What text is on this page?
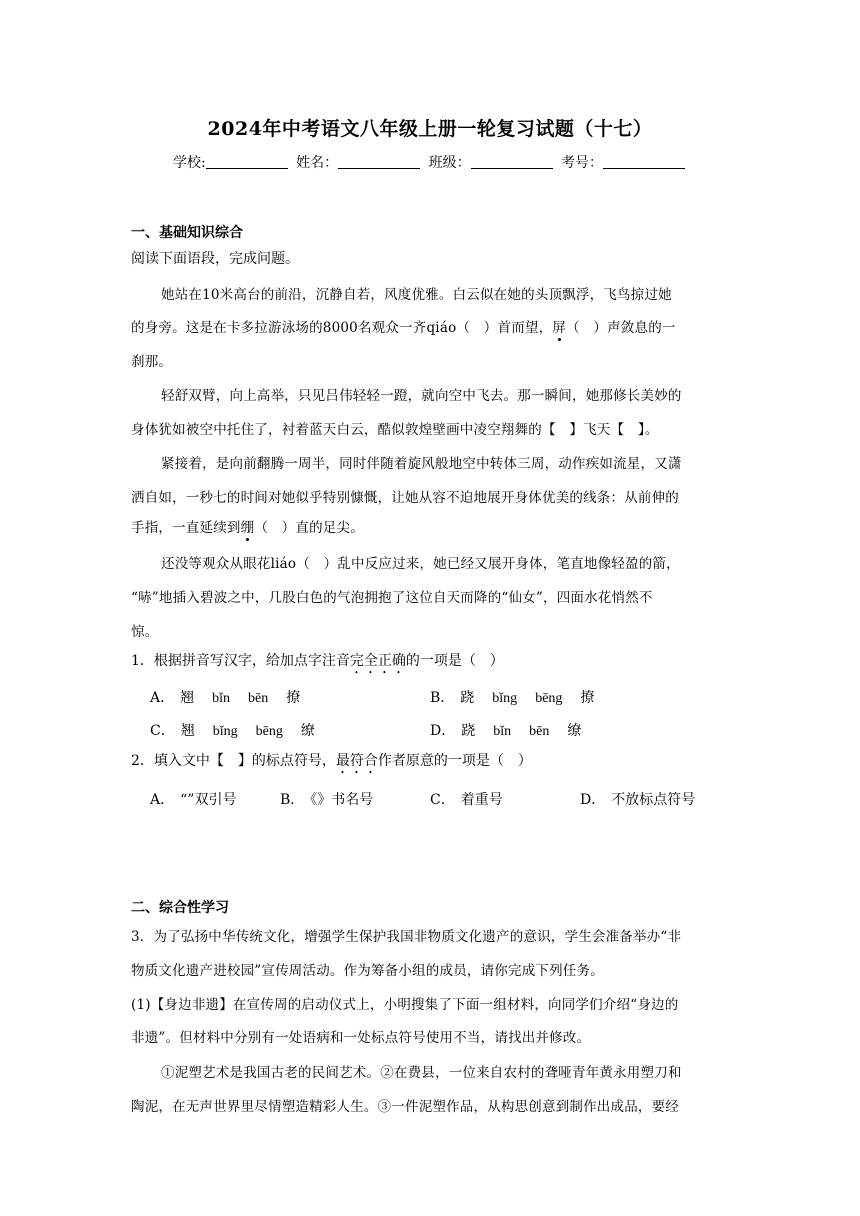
2024年中考语文八年级上册一轮复习试题（十七）
学校:	姓名：	班级：	考号：
一、基础知识综合
阅读下面语段，完成问题。
她站在10米高台的前沿，沉静自若，风度优雅。白云似在她的头顶飘浮，飞鸟掠过她
的身旁。这是在卡多拉游泳场的8000名观众一齐qiáo（　）首而望，屏（　）声敛息的一
刹那。
轻舒双臂，向上高举，只见吕伟轻轻一蹬，就向空中飞去。那一瞬间，她那修长美妙的
身体犹如被空中托住了，衬着蓝天白云，酷似敦煌壁画中凌空翔舞的【　】飞天【　】。
紧接着，是向前翻腾一周半，同时伴随着旋风般地空中转体三周，动作疾如流星，又潇
洒自如，一秒七的时间对她似乎特别慷慨，让她从容不迫地展开身体优美的线条：从前伸的
手指，一直延续到绷（　）直的足尖。
还没等观众从眼花liáo（　）乱中反应过来，她已经又展开身体，笔直地像轻盈的箭，
“哧”地插入碧波之中，几股白色的气泡拥抱了这位自天而降的“仙女”，四面水花悄然不
惊。
1．根据拼音写汉字，给加点字注音完全正确的一项是（　）
A． 翘 bǐn bēn 撩	B． 跷 bǐng bēng 撩
C． 翘 bǐng bēng 缭	D． 跷 bǐn bēn 缭
2．填入文中【　】的标点符号，最符合作者原意的一项是（　）
A． “”双引号	B． 《》书名号	C． 着重号	D． 不放标点符号
二、综合性学习
3．为了弘扬中华传统文化，增强学生保护我国非物质文化遗产的意识，学生会准备举办“非
物质文化遗产进校园”宣传周活动。作为筹备小组的成员，请你完成下列任务。
(1)【身边非遗】在宣传周的启动仪式上，小明搜集了下面一组材料，向同学们介绍“身边的
非遗”。但材料中分别有一处语病和一处标点符号使用不当，请找出并修改。
①泥塑艺术是我国古老的民间艺术。②在费县，一位来自农村的聋哑青年黄永用塑刀和
陶泥，在无声世界里尽情塑造精彩人生。③一件泥塑作品，从构思创意到制作出成品，要经
